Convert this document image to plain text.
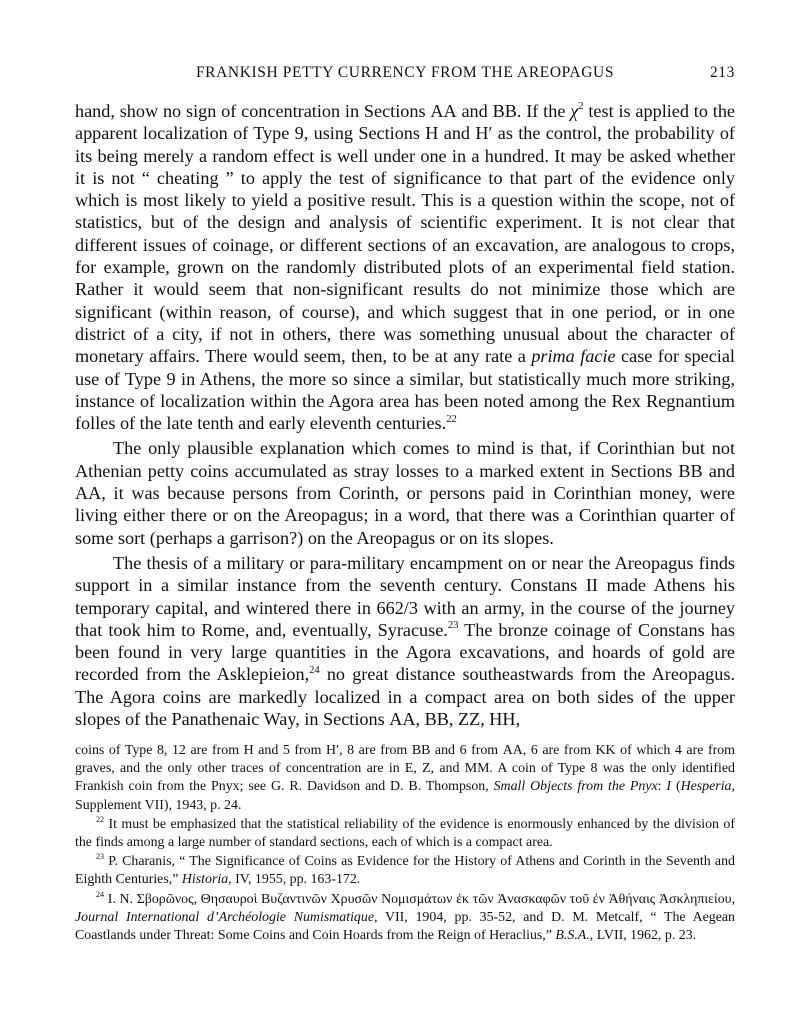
FRANKISH PETTY CURRENCY FROM THE AREOPAGUS	213

hand, show no sign of concentration in Sections AA and BB. If the $\chi^2$ test is applied to the apparent localization of Type 9, using Sections H and H′ as the control, the probability of its being merely a random effect is well under one in a hundred. It may be asked whether it is not “ cheating ” to apply the test of significance to that part of the evidence only which is most likely to yield a positive result. This is a question within the scope, not of statistics, but of the design and analysis of scientific experiment. It is not clear that different issues of coinage, or different sections of an excavation, are analogous to crops, for example, grown on the randomly distributed plots of an experimental field station. Rather it would seem that non-significant results do not minimize those which are significant (within reason, of course), and which suggest that in one period, or in one district of a city, if not in others, there was something unusual about the character of monetary affairs. There would seem, then, to be at any rate a prima facie case for special use of Type 9 in Athens, the more so since a similar, but statistically much more striking, instance of localization within the Agora area has been noted among the Rex Regnantium folles of the late tenth and early eleventh centuries.$^{22}$

The only plausible explanation which comes to mind is that, if Corinthian but not Athenian petty coins accumulated as stray losses to a marked extent in Sections BB and AA, it was because persons from Corinth, or persons paid in Corinthian money, were living either there or on the Areopagus; in a word, that there was a Corinthian quarter of some sort (perhaps a garrison?) on the Areopagus or on its slopes.

The thesis of a military or para-military encampment on or near the Areopagus finds support in a similar instance from the seventh century. Constans II made Athens his temporary capital, and wintered there in 662/3 with an army, in the course of the journey that took him to Rome, and, eventually, Syracuse.$^{23}$ The bronze coinage of Constans has been found in very large quantities in the Agora excavations, and hoards of gold are recorded from the Asklepieion,$^{24}$ no great distance southeastwards from the Areopagus. The Agora coins are markedly localized in a compact area on both sides of the upper slopes of the Panathenaic Way, in Sections AA, BB, ZZ, HH,

coins of Type 8, 12 are from H and 5 from H′, 8 are from BB and 6 from AA, 6 are from KK of which 4 are from graves, and the only other traces of concentration are in E, Z, and MM. A coin of Type 8 was the only identified Frankish coin from the Pnyx; see G. R. Davidson and D. B. Thompson, Small Objects from the Pnyx: I (Hesperia, Supplement VII), 1943, p. 24.

$^{22}$ It must be emphasized that the statistical reliability of the evidence is enormously enhanced by the division of the finds among a large number of standard sections, each of which is a compact area.

$^{23}$ P. Charanis, “ The Significance of Coins as Evidence for the History of Athens and Corinth in the Seventh and Eighth Centuries,” Historia, IV, 1955, pp. 163-172.

$^{24}$ I. N. Σβορῶνος, Θησαυροὶ Βυζαντινῶν Χρυσῶν Νομισμάτων ἐκ τῶν Ἀνασκαφῶν τοῦ ἐν Ἀθήναις Ἀσκληπιείου, Journal International d’Archéologie Numismatique, VII, 1904, pp. 35-52, and D. M. Metcalf, “ The Aegean Coastlands under Threat: Some Coins and Coin Hoards from the Reign of Heraclius,” B.S.A., LVII, 1962, p. 23.
